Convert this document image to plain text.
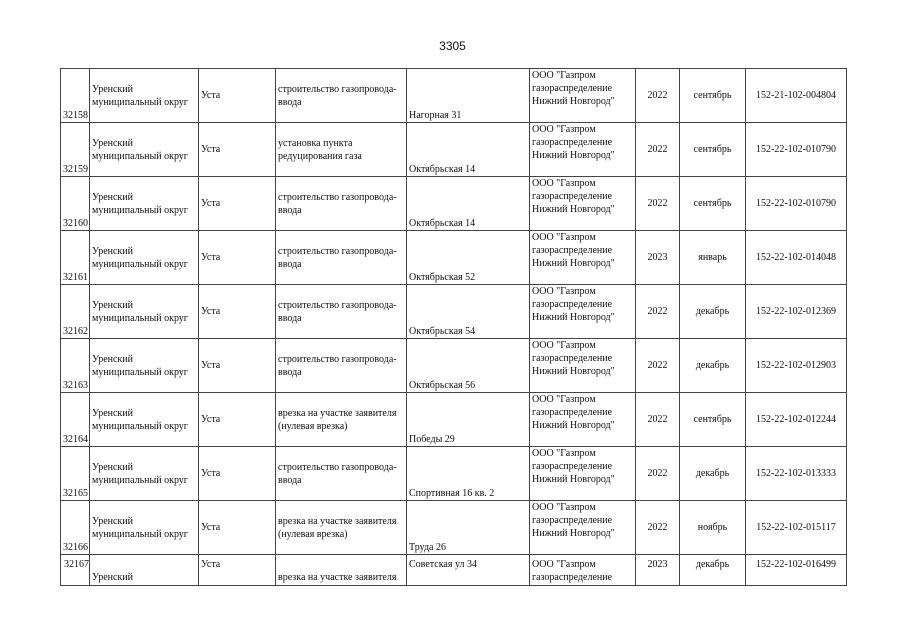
3305
32158	Уренский муниципальный округ	Уста	строительство газопровода-ввода	Нагорная 31	ООО "Газпром газораспределение Нижний Новгород"	2022	сентябрь	152-21-102-004804
32159	Уренский муниципальный округ	Уста	установка пункта редуцирования газа	Октябрьская 14	ООО "Газпром газораспределение Нижний Новгород"	2022	сентябрь	152-22-102-010790
32160	Уренский муниципальный округ	Уста	строительство газопровода-ввода	Октябрьская 14	ООО "Газпром газораспределение Нижний Новгород"	2022	сентябрь	152-22-102-010790
32161	Уренский муниципальный округ	Уста	строительство газопровода-ввода	Октябрьская 52	ООО "Газпром газораспределение Нижний Новгород"	2023	январь	152-22-102-014048
32162	Уренский муниципальный округ	Уста	строительство газопровода-ввода	Октябрьская 54	ООО "Газпром газораспределение Нижний Новгород"	2022	декабрь	152-22-102-012369
32163	Уренский муниципальный округ	Уста	строительство газопровода-ввода	Октябрьская 56	ООО "Газпром газораспределение Нижний Новгород"	2022	декабрь	152-22-102-012903
32164	Уренский муниципальный округ	Уста	врезка на участке заявителя (нулевая врезка)	Победы 29	ООО "Газпром газораспределение Нижний Новгород"	2022	сентябрь	152-22-102-012244
32165	Уренский муниципальный округ	Уста	строительство газопровода-ввода	Спортивная 16 кв. 2	ООО "Газпром газораспределение Нижний Новгород"	2022	декабрь	152-22-102-013333
32166	Уренский муниципальный округ	Уста	врезка на участке заявителя (нулевая врезка)	Труда 26	ООО "Газпром газораспределение Нижний Новгород"	2022	ноябрь	152-22-102-015117
32167	Уренский	Уста	врезка на участке заявителя	Советская ул 34	ООО "Газпром газораспределение	2023	декабрь	152-22-102-016499
